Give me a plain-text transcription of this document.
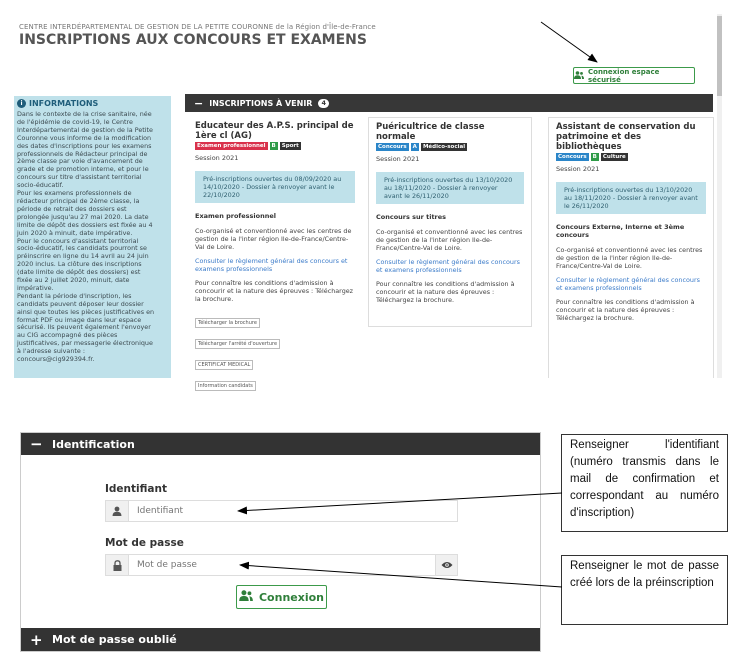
CENTRE INTERDÉPARTEMENTAL DE GESTION DE LA PETITE COURONNE de la Région d'Île-de-France
INSCRIPTIONS AUX CONCOURS ET EXAMENS
Connexion espace sécurisé
i INFORMATIONS
Dans le contexte de la crise sanitaire, née
de l'épidémie de covid-19, le Centre
Interdépartemental de gestion de la Petite
Couronne vous informe de la modification
des dates d'inscriptions pour les examens
professionnels de Rédacteur principal de
2ème classe par voie d'avancement de
grade et de promotion interne, et pour le
concours sur titre d'assistant territorial
socio-éducatif.
Pour les examens professionnels de
rédacteur principal de 2ème classe, la
période de retrait des dossiers est
prolongée jusqu'au 27 mai 2020. La date
limite de dépôt des dossiers est fixée au 4
juin 2020 à minuit, date impérative.
Pour le concours d'assistant territorial
socio-éducatif, les candidats pourront se
préinscrire en ligne du 14 avril au 24 juin
2020 inclus. La clôture des inscriptions
(date limite de dépôt des dossiers) est
fixée au 2 juillet 2020, minuit, date
impérative.
Pendant la période d'inscription, les
candidats peuvent déposer leur dossier
ainsi que toutes les pièces justificatives en
format PDF ou image dans leur espace
sécurisé. Ils peuvent également l'envoyer
au CIG accompagné des pièces
justificatives, par messagerie électronique
à l'adresse suivante :
concours@cig929394.fr.
− INSCRIPTIONS À VENIR	4
Educateur des A.P.S. principal de 1ère cl (AG)
Examen professionnel	B	Sport
Session 2021
Pré-inscriptions ouvertes du 08/09/2020 au 14/10/2020 - Dossier à renvoyer avant le 22/10/2020
Examen professionnel
Co-organisé et conventionné avec les centres de gestion de la l'inter région Ile-de-France/Centre-Val de Loire.
Consulter le règlement général des concours et examens professionnels
Pour connaître les conditions d'admission à concourir et la nature des épreuves : Téléchargez la brochure.
Télécharger la brochure
Télécharger l'arrêté d'ouverture
CERTIFICAT MEDICAL
Information candidats
Puéricultrice de classe normale
Concours	A	Médico-social
Session 2021
Pré-inscriptions ouvertes du 13/10/2020 au 18/11/2020 - Dossier à renvoyer avant le 26/11/2020
Concours sur titres
Co-organisé et conventionné avec les centres de gestion de la l'inter région Ile-de-France/Centre-Val de Loire.
Consulter le règlement général des concours et examens professionnels
Pour connaître les conditions d'admission à concourir et la nature des épreuves : Téléchargez la brochure.
Assistant de conservation du patrimoine et des bibliothèques
Concours	B	Culture
Session 2021
Pré-inscriptions ouvertes du 13/10/2020 au 18/11/2020 - Dossier à renvoyer avant le 26/11/2020
Concours Externe, Interne et 3ème concours
Co-organisé et conventionné avec les centres de gestion de la l'inter région Ile-de-France/Centre-Val de Loire.
Consulter le règlement général des concours et examens professionnels
Pour connaître les conditions d'admission à concourir et la nature des épreuves : Téléchargez la brochure.
− Identification
Identifiant
Identifiant
Mot de passe
Connexion
+ Mot de passe oublié
Renseigner l'identifiant (numéro transmis dans le mail de confirmation et correspondant au numéro d'inscription)
Renseigner le mot de passe créé lors de la préinscription
